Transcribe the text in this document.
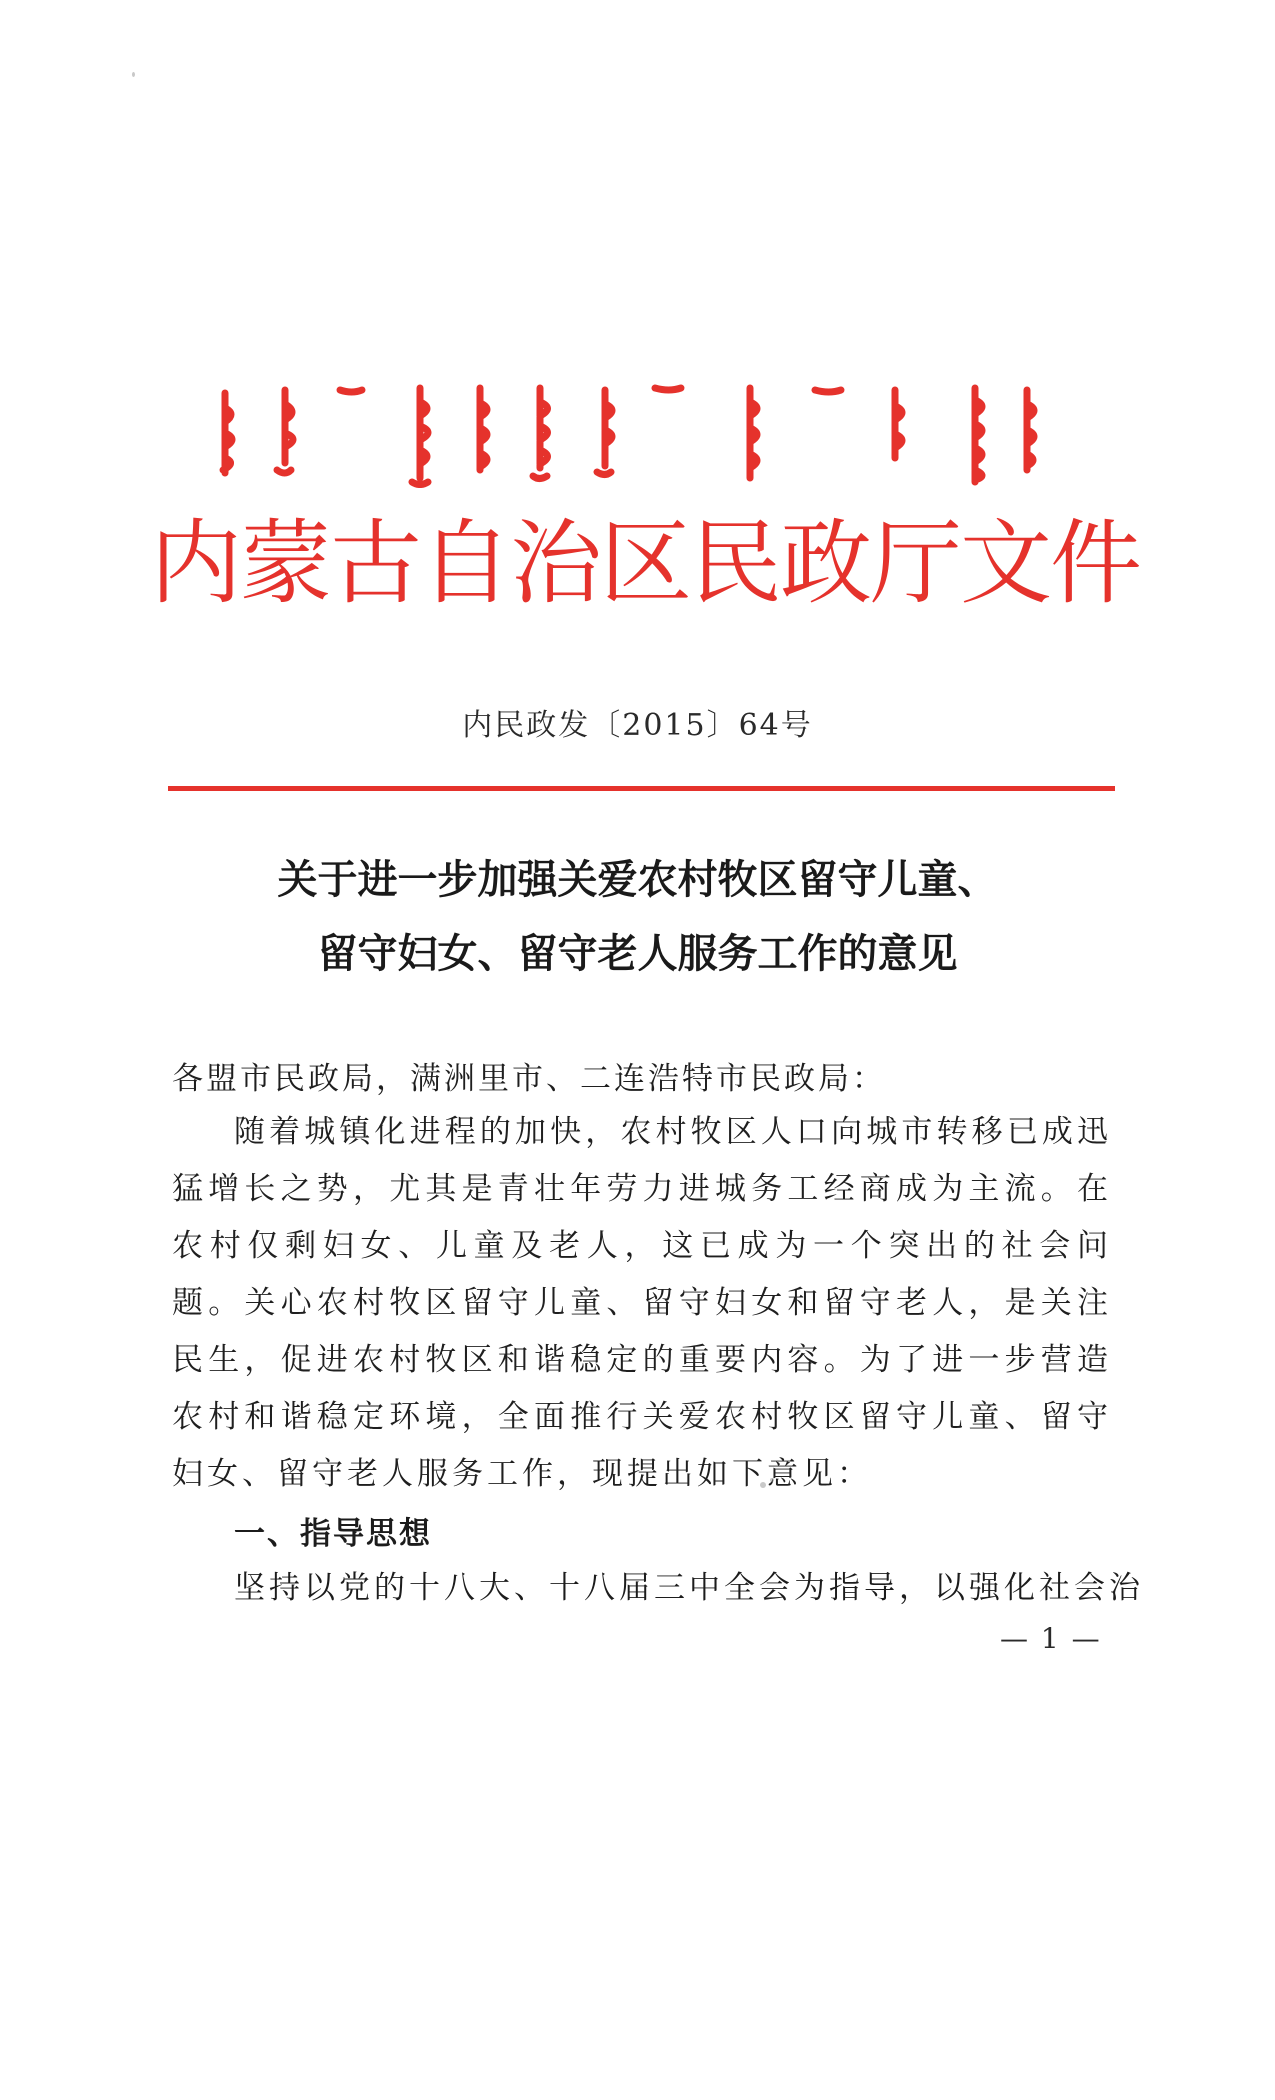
内蒙古自治区民政厅文件
内民政发〔2015〕64号
关于进一步加强关爱农村牧区留守儿童、
留守妇女、留守老人服务工作的意见
各盟市民政局，满洲里市、二连浩特市民政局：
随着城镇化进程的加快，农村牧区人口向城市转移已成迅猛增长之势，尤其是青壮年劳力进城务工经商成为主流。在农村仅剩妇女、儿童及老人，这已成为一个突出的社会问题。关心农村牧区留守儿童、留守妇女和留守老人，是关注民生，促进农村牧区和谐稳定的重要内容。为了进一步营造农村和谐稳定环境，全面推行关爱农村牧区留守儿童、留守妇女、留守老人服务工作，现提出如下意见：
一、指导思想
坚持以党的十八大、十八届三中全会为指导，以强化社会治
— 1 —
